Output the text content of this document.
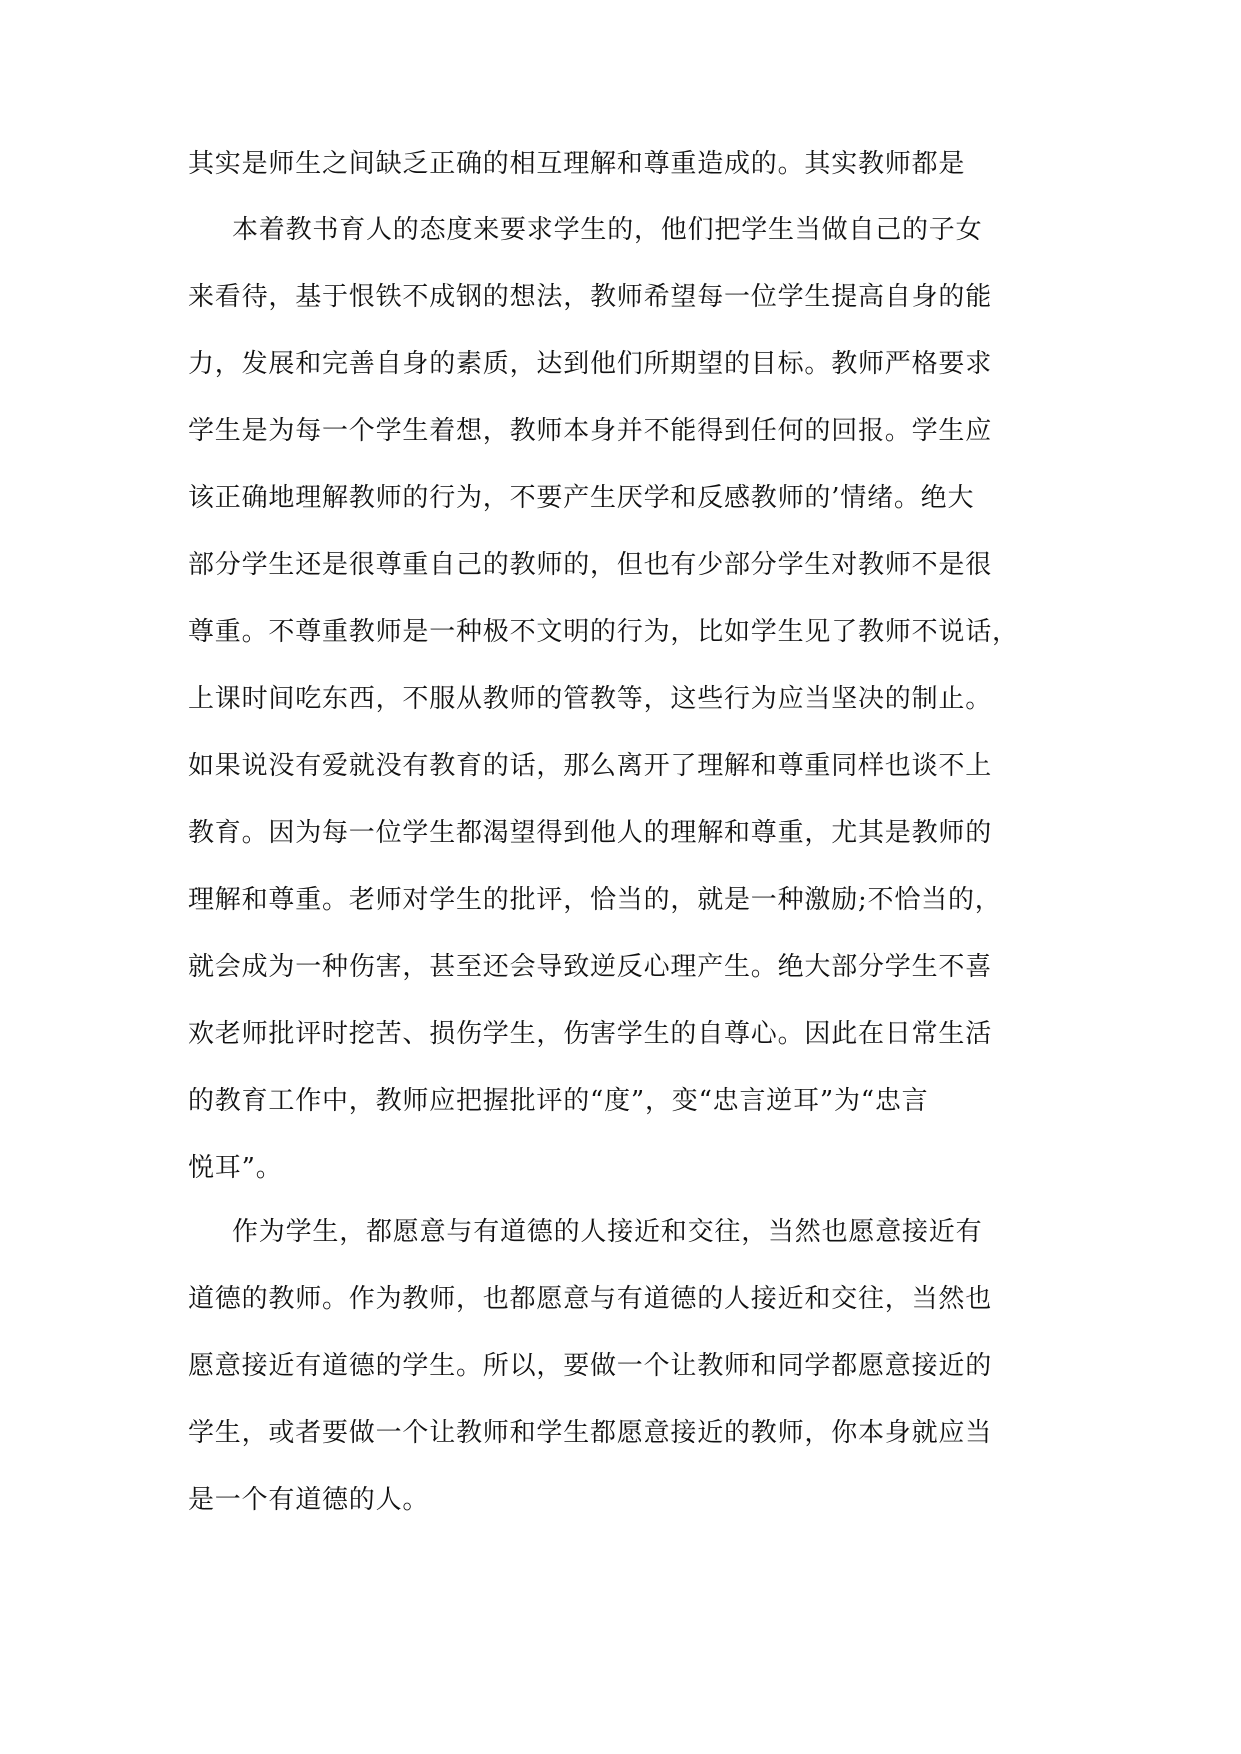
其实是师生之间缺乏正确的相互理解和尊重造成的。其实教师都是
本着教书育人的态度来要求学生的，他们把学生当做自己的子女
来看待，基于恨铁不成钢的想法，教师希望每一位学生提高自身的能
力，发展和完善自身的素质，达到他们所期望的目标。教师严格要求
学生是为每一个学生着想，教师本身并不能得到任何的回报。学生应
该正确地理解教师的行为，不要产生厌学和反感教师的’情绪。绝大
部分学生还是很尊重自己的教师的，但也有少部分学生对教师不是很
尊重。不尊重教师是一种极不文明的行为，比如学生见了教师不说话，
上课时间吃东西，不服从教师的管教等，这些行为应当坚决的制止。
如果说没有爱就没有教育的话，那么离开了理解和尊重同样也谈不上
教育。因为每一位学生都渴望得到他人的理解和尊重，尤其是教师的
理解和尊重。老师对学生的批评，恰当的，就是一种激励;不恰当的，
就会成为一种伤害，甚至还会导致逆反心理产生。绝大部分学生不喜
欢老师批评时挖苦、损伤学生，伤害学生的自尊心。因此在日常生活
的教育工作中，教师应把握批评的“度”，变“忠言逆耳”为“忠言
悦耳”。
作为学生，都愿意与有道德的人接近和交往，当然也愿意接近有
道德的教师。作为教师，也都愿意与有道德的人接近和交往，当然也
愿意接近有道德的学生。所以，要做一个让教师和同学都愿意接近的
学生，或者要做一个让教师和学生都愿意接近的教师，你本身就应当
是一个有道德的人。
